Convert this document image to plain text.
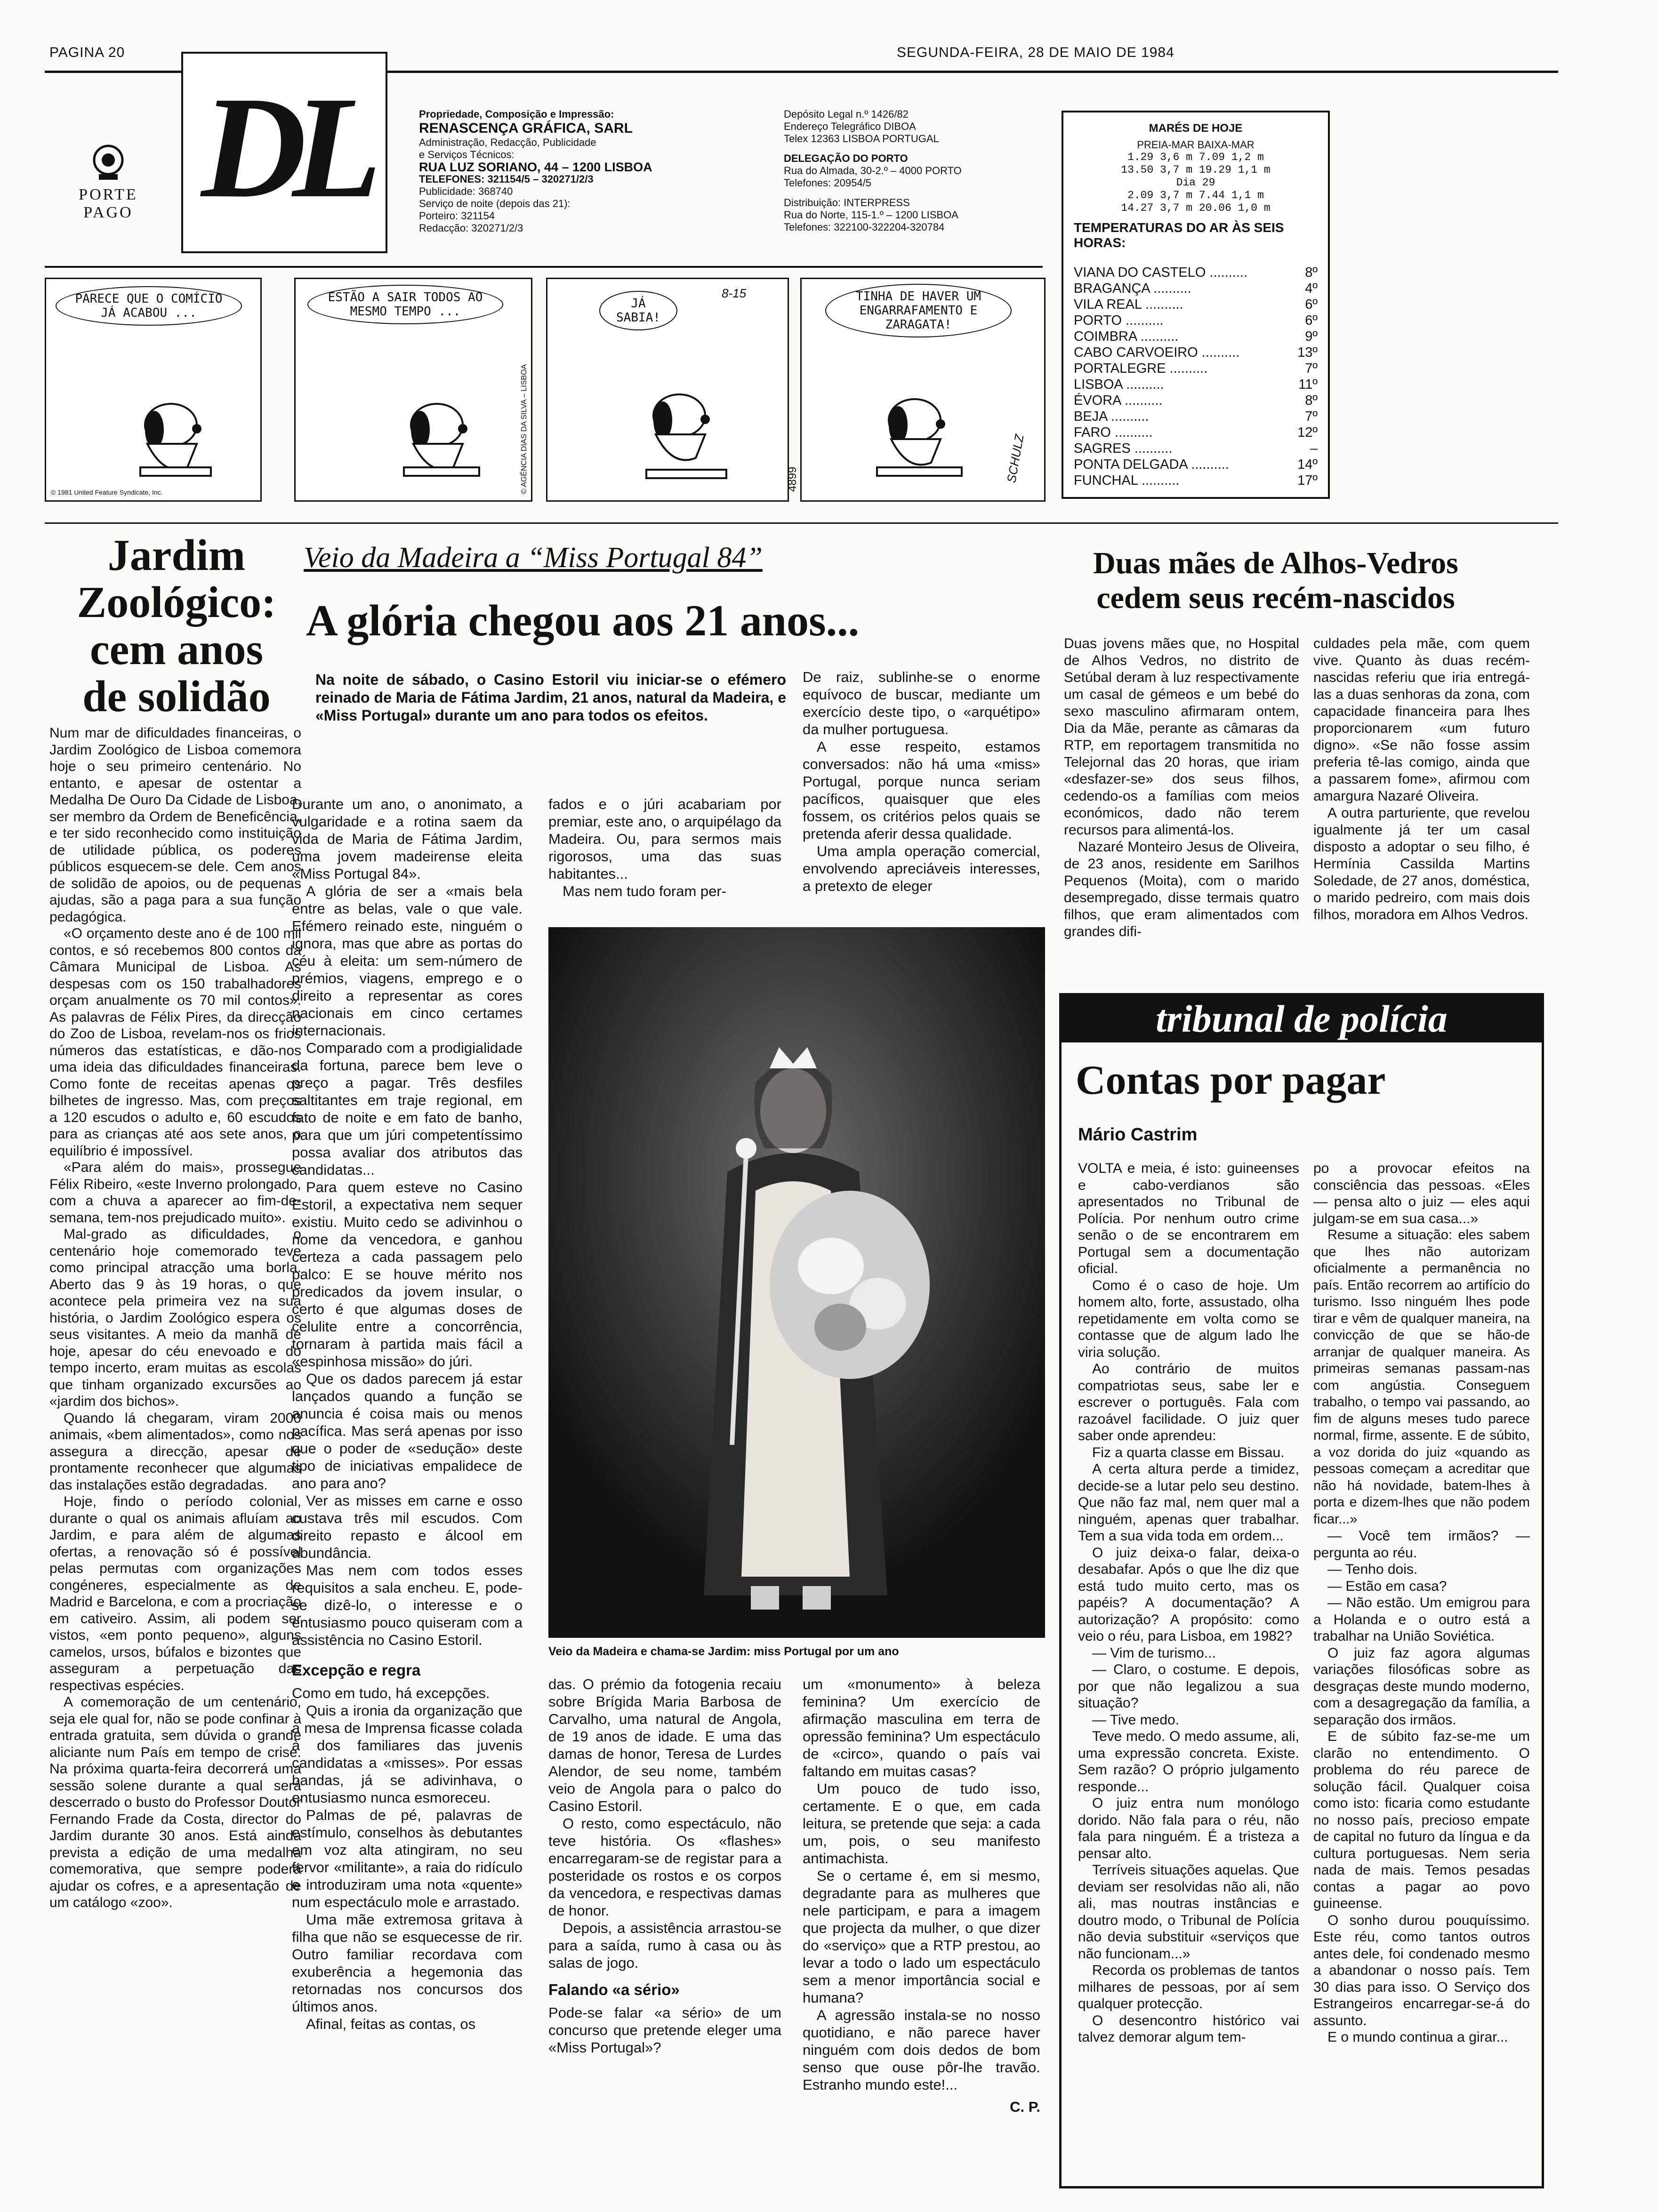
PAGINA 20	SEGUNDA-FEIRA, 28 DE MAIO DE 1984
DL
PORTE
PAGO
Propriedade, Composição e Impressão:
RENASCENÇA GRÁFICA, SARL
Administração, Redacção, Publicidade
e Serviços Técnicos:
RUA LUZ SORIANO, 44 – 1200 LISBOA
TELEFONES: 321154/5 – 320271/2/3
Publicidade: 368740
Serviço de noite (depois das 21):
Porteiro: 321154
Redacção: 320271/2/3
Depósito Legal n.º 1426/82
Endereço Telegráfico DIBOA
Telex 12363 LISBOA PORTUGAL
DELEGAÇÃO DO PORTO
Rua do Almada, 30-2.º – 4000 PORTO
Telefones: 20954/5
Distribuição: INTERPRESS
Rua do Norte, 115-1.º – 1200 LISBOA
Telefones: 322100-322204-320784
MARÉS DE HOJE
PREIA-MAR BAIXA-MAR
1.29 3,6 m 7.09 1,2 m
13.50 3,7 m 19.29 1,1 m
Dia 29
2.09 3,7 m 7.44 1,1 m
14.27 3,7 m 20.06 1,0 m
TEMPERATURAS DO AR ÀS SEIS HORAS:
VIANA DO CASTELO ..........	8º
BRAGANÇA ..........	4º
VILA REAL ..........	6º
PORTO ..........	6º
COIMBRA ..........	9º
CABO CARVOEIRO ..........	13º
PORTALEGRE ..........	7º
LISBOA ..........	11º
ÉVORA ..........	8º
BEJA ..........	7º
FARO ..........	12º
SAGRES ..........	–
PONTA DELGADA ..........	14º
FUNCHAL ..........	17º
PARECE QUE O COMÍCIO JÁ ACABOU ...
© 1981 United Feature Syndicate, Inc.
ESTÃO A SAIR TODOS AO MESMO TEMPO ...
JÁ SABIA!
8-15
© AGÊNCIA DIAS DA SILVA – LISBOA
TINHA DE HAVER UM ENGARRAFAMENTO E ZARAGATA!
SCHULZ
4899
Jardim
Zoológico:
cem anos
de solidão

Num mar de dificuldades financeiras, o Jardim Zoológico de Lisboa comemora hoje o seu primeiro centenário. No entanto, e apesar de ostentar a Medalha De Ouro Da Cidade de Lisboa, ser membro da Ordem de Beneficência, e ter sido reconhecido como instituição de utilidade pública, os poderes públicos esquecem-se dele. Cem anos de solidão de apoios, ou de pequenas ajudas, são a paga para a sua função pedagógica.

«O orçamento deste ano é de 100 mil contos, e só recebemos 800 contos da Câmara Municipal de Lisboa. As despesas com os 150 trabalhadores orçam anualmente os 70 mil contos». As palavras de Félix Pires, da direcção do Zoo de Lisboa, revelam-nos os frios números das estatísticas, e dão-nos uma ideia das dificuldades financeiras. Como fonte de receitas apenas os bilhetes de ingresso. Mas, com preços a 120 escudos o adulto e, 60 escudos para as crianças até aos sete anos, o equilíbrio é impossível.

«Para além do mais», prossegue Félix Ribeiro, «este Inverno prolongado, com a chuva a aparecer ao fim-de-semana, tem-nos prejudicado muito».

Mal-grado as dificuldades, o centenário hoje comemorado teve como principal atracção uma borla. Aberto das 9 às 19 horas, o que acontece pela primeira vez na sua história, o Jardim Zoológico espera os seus visitantes. A meio da manhã de hoje, apesar do céu enevoado e do tempo incerto, eram muitas as escolas que tinham organizado excursões ao «jardim dos bichos».

Quando lá chegaram, viram 2000 animais, «bem alimentados», como nos assegura a direcção, apesar de prontamente reconhecer que algumas das instalações estão degradadas.

Hoje, findo o período colonial, durante o qual os animais afluíam ao Jardim, e para além de algumas ofertas, a renovação só é possível pelas permutas com organizações congéneres, especialmente as de Madrid e Barcelona, e com a procriação em cativeiro. Assim, ali podem ser vistos, «em ponto pequeno», alguns camelos, ursos, búfalos e bizontes que asseguram a perpetuação das respectivas espécies.

A comemoração de um centenário, seja ele qual for, não se pode confinar à entrada gratuita, sem dúvida o grande aliciante num País em tempo de crise. Na próxima quarta-feira decorrerá uma sessão solene durante a qual será descerrado o busto do Professor Doutor Fernando Frade da Costa, director do Jardim durante 30 anos. Está ainda prevista a edição de uma medalha comemorativa, que sempre poderá ajudar os cofres, e a apresentação de um catálogo «zoo».

Veio da Madeira a “Miss Portugal 84”
A glória chegou aos 21 anos...
Na noite de sábado, o Casino Estoril viu iniciar-se o efémero reinado de Maria de Fátima Jardim, 21 anos, natural da Madeira, e «Miss Portugal» durante um ano para todos os efeitos.

Durante um ano, o anonimato, a vulgaridade e a rotina saem da vida de Maria de Fátima Jardim, uma jovem madeirense eleita «Miss Portugal 84».

A glória de ser a «mais bela entre as belas, vale o que vale. Efémero reinado este, ninguém o ignora, mas que abre as portas do céu à eleita: um sem-número de prémios, viagens, emprego e o direito a representar as cores nacionais em cinco certames internacionais.

Comparado com a prodigialidade da fortuna, parece bem leve o preço a pagar. Três desfiles saltitantes em traje regional, em fato de noite e em fato de banho, para que um júri competentíssimo possa avaliar dos atributos das candidatas...

Para quem esteve no Casino Estoril, a expectativa nem sequer existiu. Muito cedo se adivinhou o nome da vencedora, e ganhou certeza a cada passagem pelo palco: E se houve mérito nos predicados da jovem insular, o certo é que algumas doses de celulite entre a concorrência, tornaram à partida mais fácil a «espinhosa missão» do júri.

Que os dados parecem já estar lançados quando a função se anuncia é coisa mais ou menos pacífica. Mas será apenas por isso que o poder de «sedução» deste tipo de iniciativas empalidece de ano para ano?

Ver as misses em carne e osso custava três mil escudos. Com direito repasto e álcool em abundância.

Mas nem com todos esses requisitos a sala encheu. E, pode-se dizê-lo, o interesse e o entusiasmo pouco quiseram com a assistência no Casino Estoril.

fados e o júri acabariam por premiar, este ano, o arquipélago da Madeira. Ou, para sermos mais rigorosos, uma das suas habitantes...

Mas nem tudo foram per-

De raiz, sublinhe-se o enorme equívoco de buscar, mediante um exercício deste tipo, o «arquétipo» da mulher portuguesa.

A esse respeito, estamos conversados: não há uma «miss» Portugal, porque nunca seriam pacíficos, quaisquer que eles fossem, os critérios pelos quais se pretenda aferir dessa qualidade.

Uma ampla operação comercial, envolvendo apreciáveis interesses, a pretexto de eleger

Veio da Madeira e chama-se Jardim: miss Portugal por um ano
Excepção e regra

Como em tudo, há excepções.

Quis a ironia da organização que a mesa de Imprensa ficasse colada à dos familiares das juvenis candidatas a «misses». Por essas bandas, já se adivinhava, o entusiasmo nunca esmoreceu.

Palmas de pé, palavras de estímulo, conselhos às debutantes em voz alta atingiram, no seu fervor «militante», a raia do ridículo e introduziram uma nota «quente» num espectáculo mole e arrastado.

Uma mãe extremosa gritava à filha que não se esquecesse de rir. Outro familiar recordava com exuberência a hegemonia das retornadas nos concursos dos últimos anos.

Afinal, feitas as contas, os

das. O prémio da fotogenia recaiu sobre Brígida Maria Barbosa de Carvalho, uma natural de Angola, de 19 anos de idade. E uma das damas de honor, Teresa de Lurdes Alendor, de seu nome, também veio de Angola para o palco do Casino Estoril.

O resto, como espectáculo, não teve história. Os «flashes» encarregaram-se de registar para a posteridade os rostos e os corpos da vencedora, e respectivas damas de honor.

Depois, a assistência arrastou-se para a saída, rumo à casa ou às salas de jogo.

Falando «a sério»

Pode-se falar «a sério» de um concurso que pretende eleger uma «Miss Portugal»?

um «monumento» à beleza feminina? Um exercício de afirmação masculina em terra de opressão feminina? Um espectáculo de «circo», quando o país vai faltando em muitas casas?

Um pouco de tudo isso, certamente. E o que, em cada leitura, se pretende que seja: a cada um, pois, o seu manifesto antimachista.

Se o certame é, em si mesmo, degradante para as mulheres que nele participam, e para a imagem que projecta da mulher, o que dizer do «serviço» que a RTP prestou, ao levar a todo o lado um espectáculo sem a menor importância social e humana?

A agressão instala-se no nosso quotidiano, e não parece haver ninguém com dois dedos de bom senso que ouse pôr-lhe travão. Estranho mundo este!...

C. P.
Duas mães de Alhos-Vedros
cedem seus recém-nascidos

Duas jovens mães que, no Hospital de Alhos Vedros, no distrito de Setúbal deram à luz respectivamente um casal de gémeos e um bebé do sexo masculino afirmaram ontem, Dia da Mãe, perante as câmaras da RTP, em reportagem transmitida no Telejornal das 20 horas, que iriam «desfazer-se» dos seus filhos, cedendo-os a famílias com meios económicos, dado não terem recursos para alimentá-los.

Nazaré Monteiro Jesus de Oliveira, de 23 anos, residente em Sarilhos Pequenos (Moita), com o marido desempregado, disse termais quatro filhos, que eram alimentados com grandes difi-

culdades pela mãe, com quem vive. Quanto às duas recém-nascidas referiu que iria entregá-las a duas senhoras da zona, com capacidade financeira para lhes proporcionarem «um futuro digno». «Se não fosse assim preferia tê-las comigo, ainda que a passarem fome», afirmou com amargura Nazaré Oliveira.

A outra parturiente, que revelou igualmente já ter um casal disposto a adoptar o seu filho, é Hermínia Cassilda Martins Soledade, de 27 anos, doméstica, o marido pedreiro, com mais dois filhos, moradora em Alhos Vedros.

tribunal de polícia
Contas por pagar
Mário Castrim

VOLTA e meia, é isto: guineenses e cabo-verdianos são apresentados no Tribunal de Polícia. Por nenhum outro crime senão o de se encontrarem em Portugal sem a documentação oficial.

Como é o caso de hoje. Um homem alto, forte, assustado, olha repetidamente em volta como se contasse que de algum lado lhe viria solução.

Ao contrário de muitos compatriotas seus, sabe ler e escrever o português. Fala com razoável facilidade. O juiz quer saber onde aprendeu:

Fiz a quarta classe em Bissau.

A certa altura perde a timidez, decide-se a lutar pelo seu destino. Que não faz mal, nem quer mal a ninguém, apenas quer trabalhar. Tem a sua vida toda em ordem...

O juiz deixa-o falar, deixa-o desabafar. Após o que lhe diz que está tudo muito certo, mas os papéis? A documentação? A autorização? A propósito: como veio o réu, para Lisboa, em 1982?

— Vim de turismo...

— Claro, o costume. E depois, por que não legalizou a sua situação?

— Tive medo.

Teve medo. O medo assume, ali, uma expressão concreta. Existe. Sem razão? O próprio julgamento responde...

O juiz entra num monólogo dorido. Não fala para o réu, não fala para ninguém. É a tristeza a pensar alto.

Terríveis situações aquelas. Que deviam ser resolvidas não ali, não ali, mas noutras instâncias e doutro modo, o Tribunal de Polícia não devia substituir «serviços que não funcionam...»

Recorda os problemas de tantos milhares de pessoas, por aí sem qualquer protecção.

O desencontro histórico vai talvez demorar algum tem-

po a provocar efeitos na consciência das pessoas. «Eles — pensa alto o juiz — eles aqui julgam-se em sua casa...»

Resume a situação: eles sabem que lhes não autorizam oficialmente a permanência no país. Então recorrem ao artifício do turismo. Isso ninguém lhes pode tirar e vêm de qualquer maneira, na convicção de que se hão-de arranjar de qualquer maneira. As primeiras semanas passam-nas com angústia. Conseguem trabalho, o tempo vai passando, ao fim de alguns meses tudo parece normal, firme, assente. E de súbito, a voz dorida do juiz «quando as pessoas começam a acreditar que não há novidade, batem-lhes à porta e dizem-lhes que não podem ficar...»

— Você tem irmãos? — pergunta ao réu.

— Tenho dois.

— Estão em casa?

— Não estão. Um emigrou para a Holanda e o outro está a trabalhar na União Soviética.

O juiz faz agora algumas variações filosóficas sobre as desgraças deste mundo moderno, com a desagregação da família, a separação dos irmãos.

E de súbito faz-se-me um clarão no entendimento. O problema do réu parece de solução fácil. Qualquer coisa como isto: ficaria como estudante no nosso país, precioso empate de capital no futuro da língua e da cultura portuguesas. Nem seria nada de mais. Temos pesadas contas a pagar ao povo guineense.

O sonho durou pouquíssimo. Este réu, como tantos outros antes dele, foi condenado mesmo a abandonar o nosso país. Tem 30 dias para isso. O Serviço dos Estrangeiros encarregar-se-á do assunto.

E o mundo continua a girar...
